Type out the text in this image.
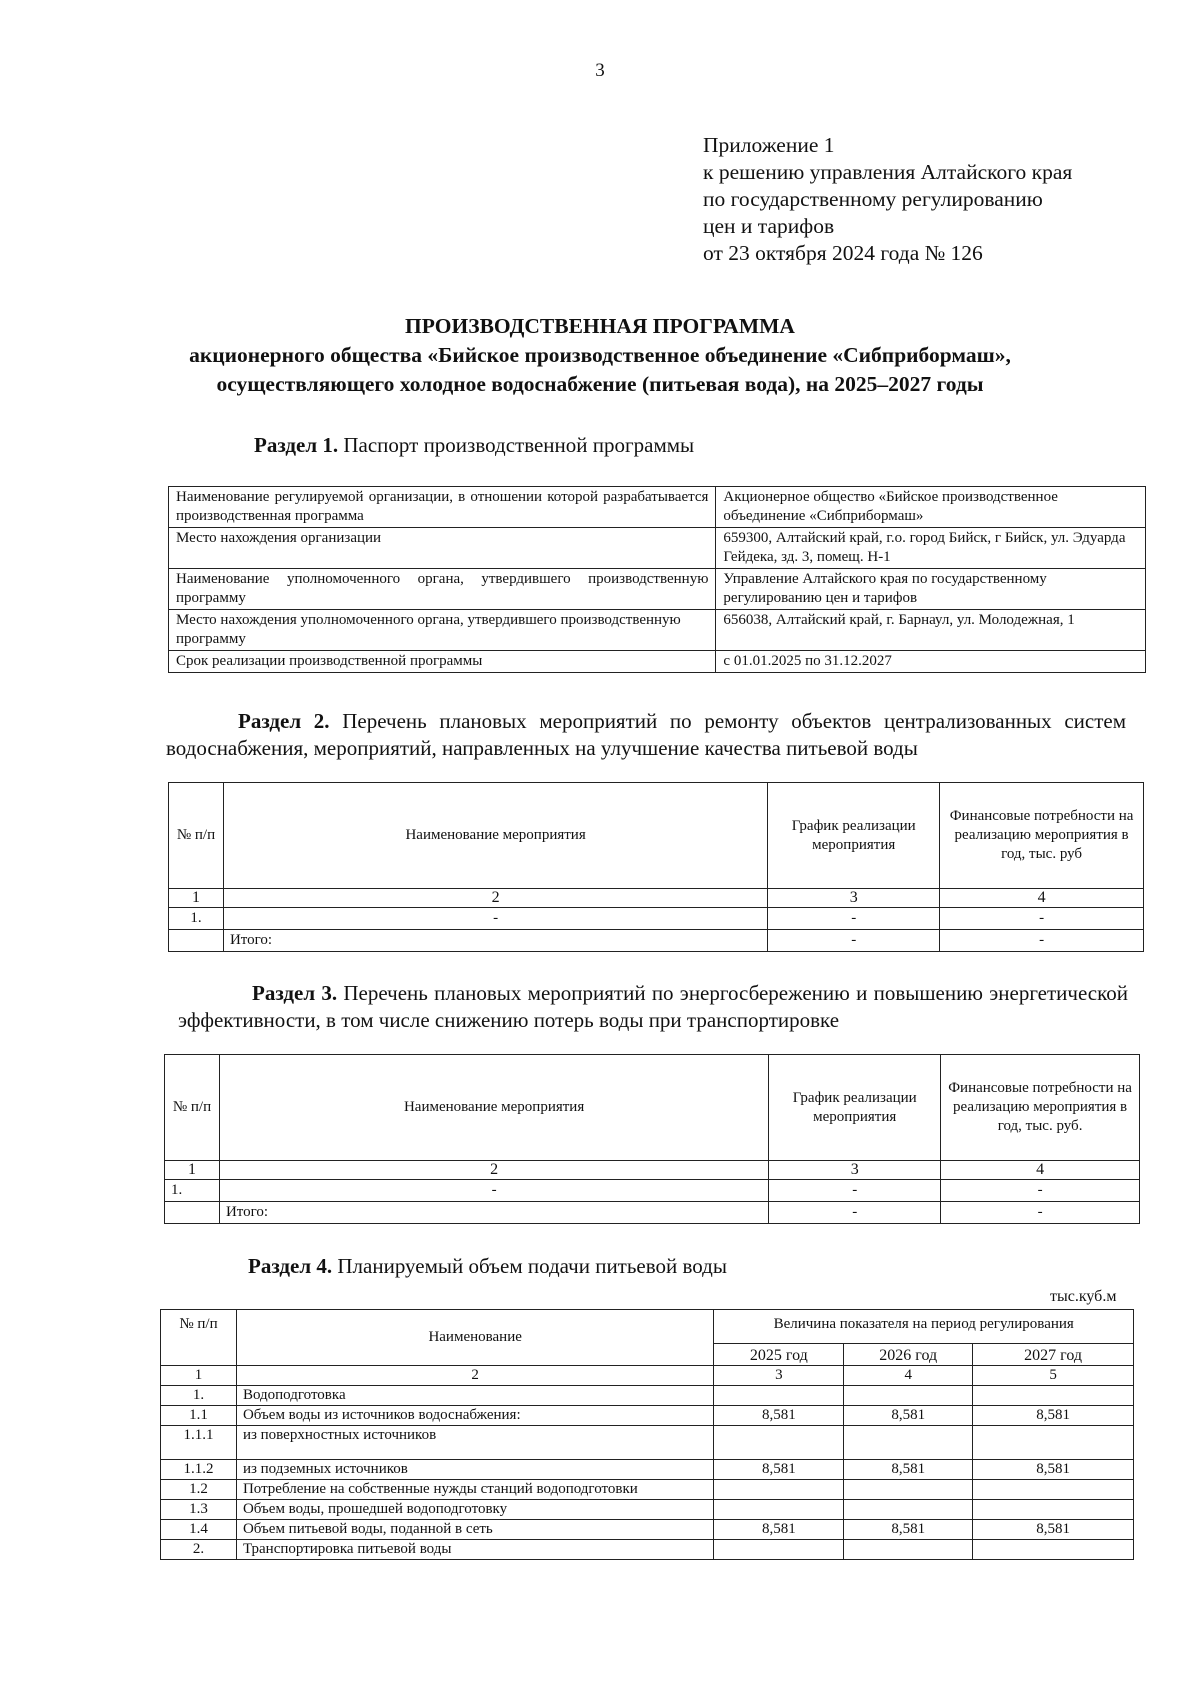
3
Приложение 1
к решению управления Алтайского края
по государственному регулированию
цен и тарифов
от 23 октября 2024 года № 126
ПРОИЗВОДСТВЕННАЯ ПРОГРАММА
акционерного общества «Бийское производственное объединение «Сибприбормаш»,
осуществляющего холодное водоснабжение (питьевая вода), на 2025–2027 годы
Раздел 1. Паспорт производственной программы
Наименование регулируемой организации, в отношении которой разрабатывается производственная программа	Акционерное общество «Бийское производственное объединение «Сибприбормаш»
Место нахождения организации	659300, Алтайский край, г.о. город Бийск, г Бийск, ул. Эдуарда Гейдека, зд. 3, помещ. Н-1
Наименование уполномоченного органа, утвердившего производственную программу	Управление Алтайского края по государственному регулированию цен и тарифов
Место нахождения уполномоченного органа, утвердившего производственную программу	656038, Алтайский край, г. Барнаул, ул. Молодежная, 1
Срок реализации производственной программы	с 01.01.2025 по 31.12.2027
Раздел 2. Перечень плановых мероприятий по ремонту объектов централизованных систем водоснабжения, мероприятий, направленных на улучшение качества питьевой воды
№ п/п	Наименование мероприятия	График реализации мероприятия	Финансовые потребности на реализацию мероприятия в год, тыс. руб
1	2	3	4
1.	-	-	-
	Итого:	-	-
Раздел 3. Перечень плановых мероприятий по энергосбережению и повышению энергетической эффективности, в том числе снижению потерь воды при транспортировке
№ п/п	Наименование мероприятия	График реализации мероприятия	Финансовые потребности на реализацию мероприятия в год, тыс. руб.
1	2	3	4
1.	-	-	-
	Итого:	-	-
Раздел 4. Планируемый объем подачи питьевой воды
тыс.куб.м
№ п/п	Наименование	Величина показателя на период регулирования		
		2025 год	2026 год	2027 год
1	2	3	4	5
1.	Водоподготовка			
1.1	Объем воды из источников водоснабжения:	8,581	8,581	8,581
1.1.1	из поверхностных источников			
1.1.2	из подземных источников	8,581	8,581	8,581
1.2	Потребление на собственные нужды станций водоподготовки			
1.3	Объем воды, прошедшей водоподготовку			
1.4	Объем питьевой воды, поданной в сеть	8,581	8,581	8,581
2.	Транспортировка питьевой воды			
